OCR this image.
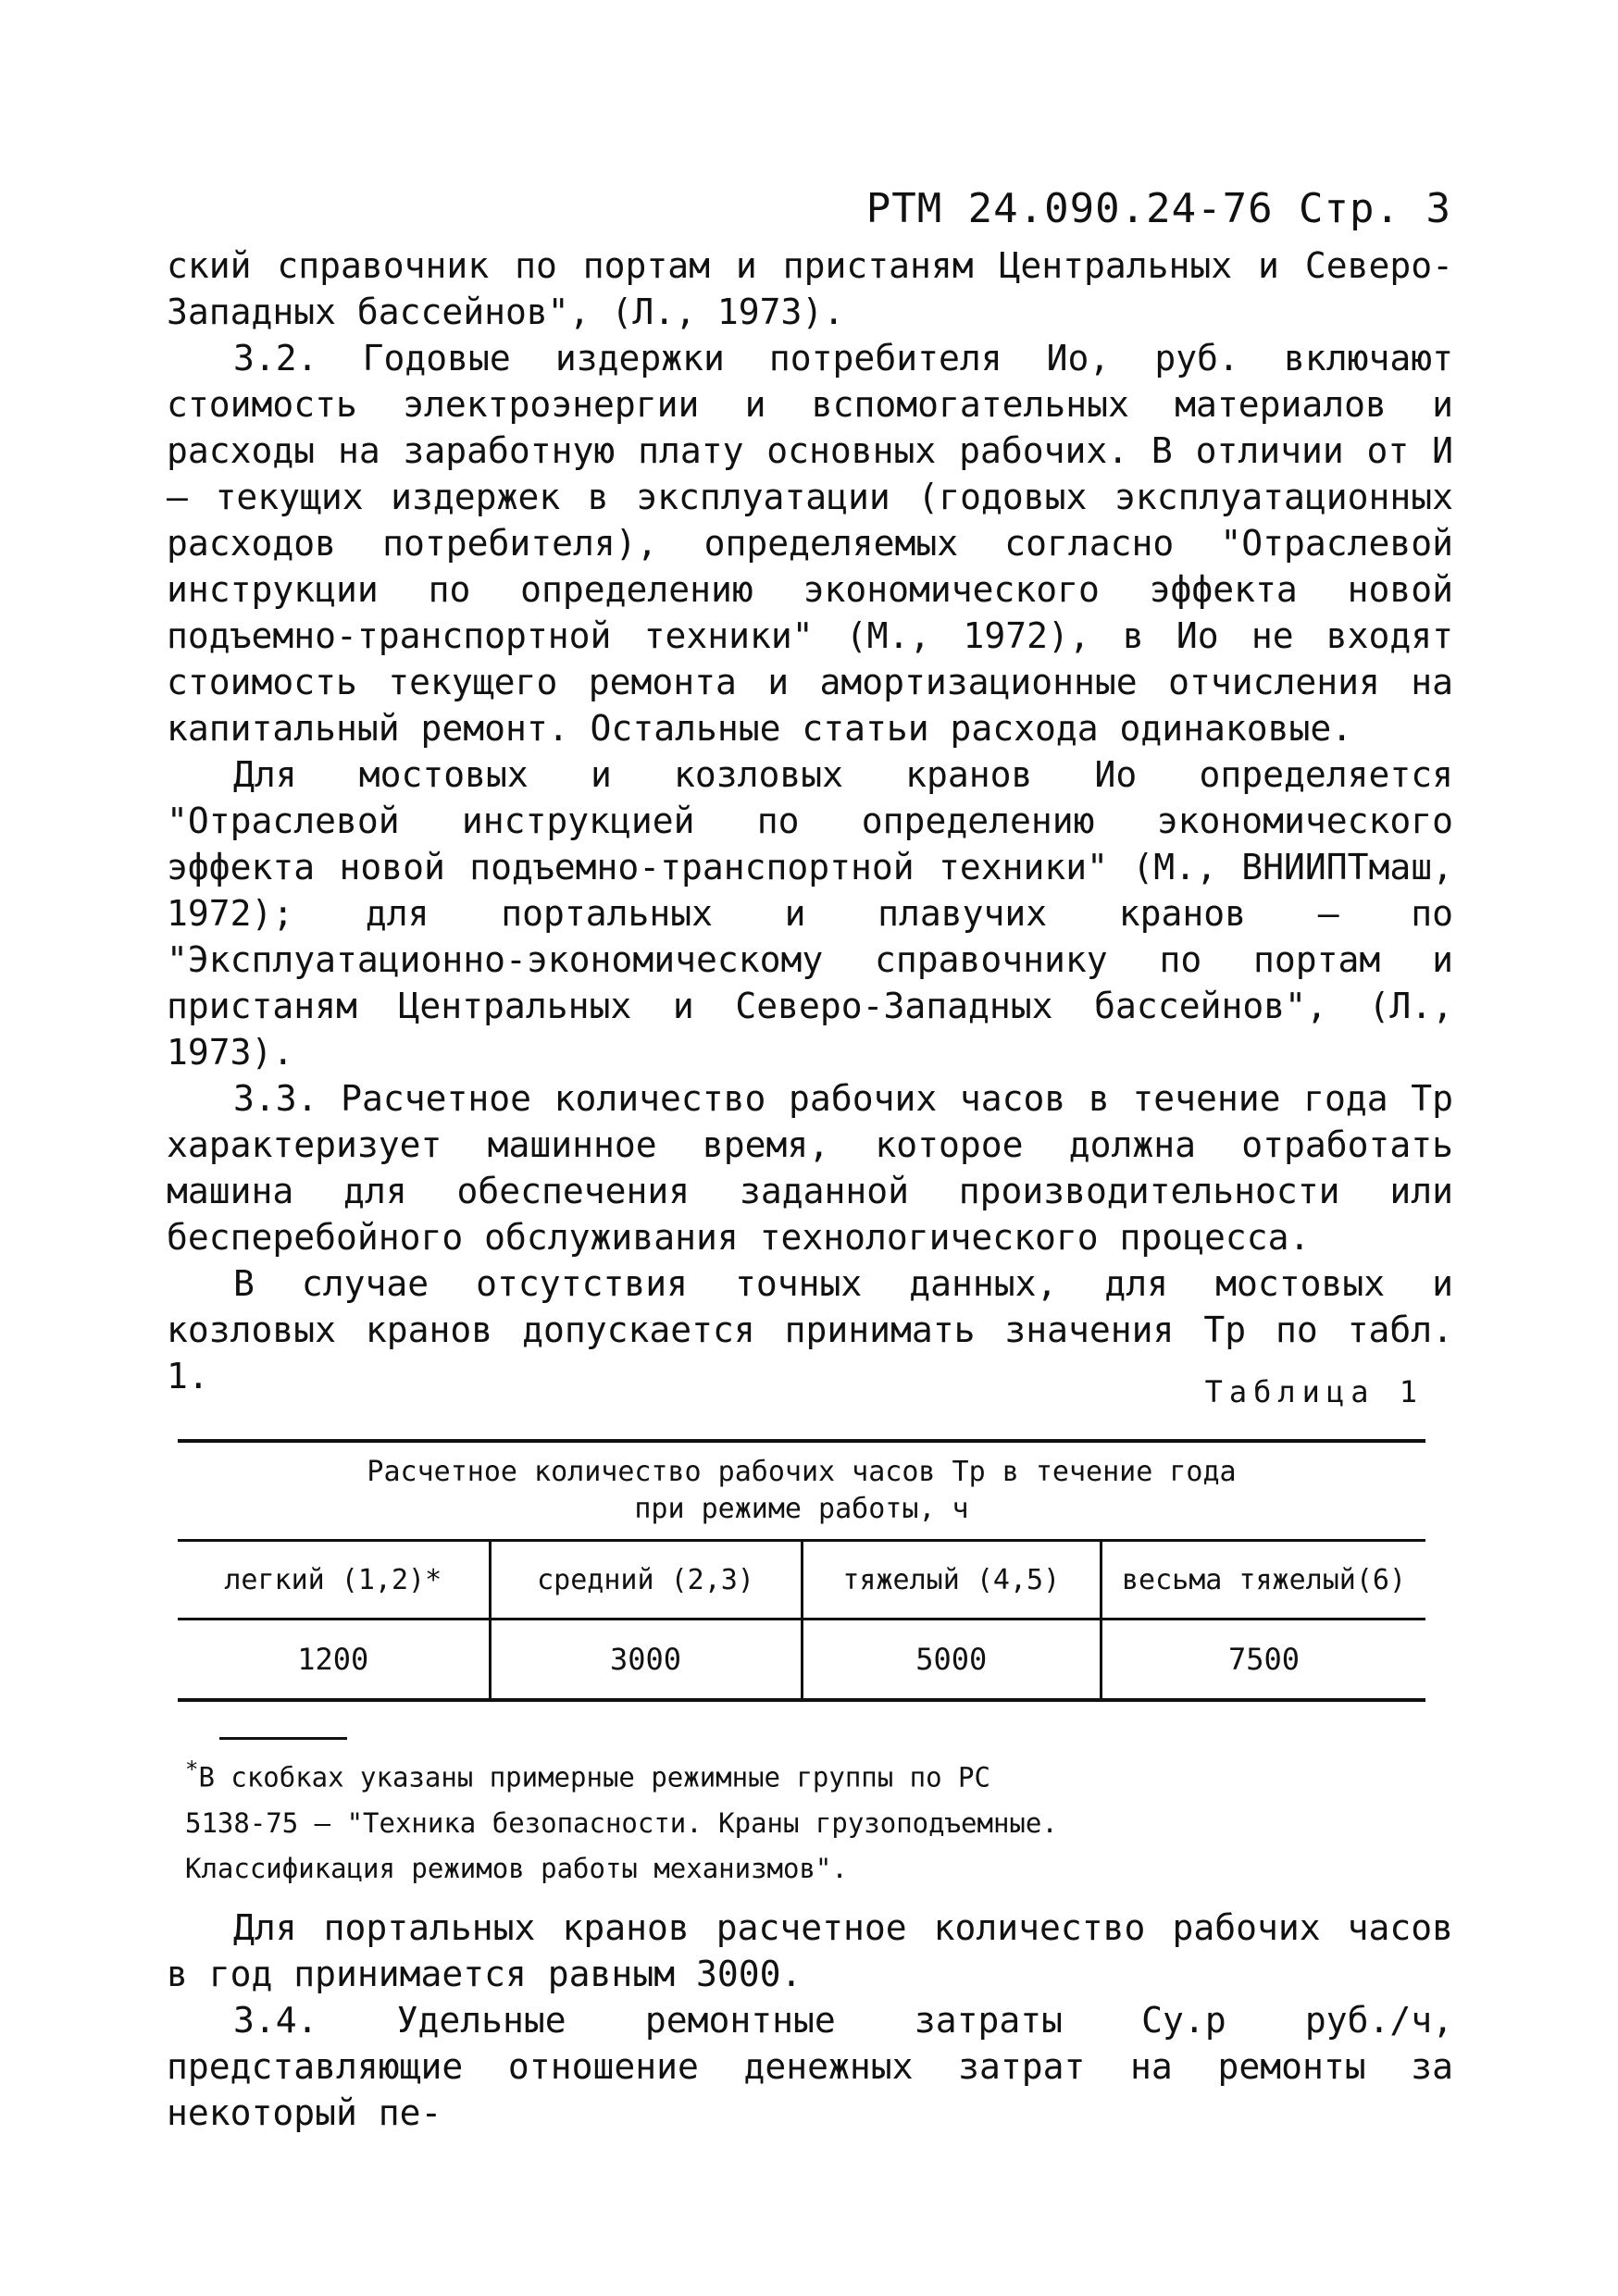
РТМ 24.090.24-76 Стр. 3

ский справочник по портам и пристаням Центральных и Северо-Западных бассейнов", (Л., 1973).

3.2. Годовые издержки потребителя Иo, руб. включают стоимость электроэнергии и вспомогательных материалов и расходы на заработную плату основных рабочих. В отличии от И – текущих издержек в эксплуатации (годовых эксплуатационных расходов потребителя), определяемых согласно "Отраслевой инструкции по определению экономического эффекта новой подъемно-транспортной техники" (М., 1972), в Иo не входят стоимость текущего ремонта и амортизационные отчисления на капитальный ремонт. Остальные статьи расхода одинаковые.

Для мостовых и козловых кранов Иo определяется "Отраслевой инструкцией по определению экономического эффекта новой подъемно-транспортной техники" (М., ВНИИПТмаш, 1972); для портальных и плавучих кранов – по "Эксплуатационно-экономическому справочнику по портам и пристаням Центральных и Северо-Западных бассейнов", (Л., 1973).

3.3. Расчетное количество рабочих часов в течение года Tp характеризует машинное время, которое должна отработать машина для обеспечения заданной производительности или бесперебойного обслуживания технологического процесса.

В случае отсутствия точных данных, для мостовых и козловых кранов допускается принимать значения Tp по табл. 1.	Таблица 1
Расчетное количество рабочих часов Tp в течение года
при режиме работы, ч			

легкий (1,2)*	средний (2,3)	тяжелый (4,5)	весьма тяжелый(6)
1200	3000	5000	7500

*В скобках указаны примерные режимные группы по РС

5138-75 – "Техника безопасности. Краны грузоподъемные.

Классификация режимов работы механизмов".

Для портальных кранов расчетное количество рабочих часов в год принимается равным 3000.

3.4. Удельные ремонтные затраты Cу.р руб./ч, представляющие отношение денежных затрат на ремонты за некоторый пе-
